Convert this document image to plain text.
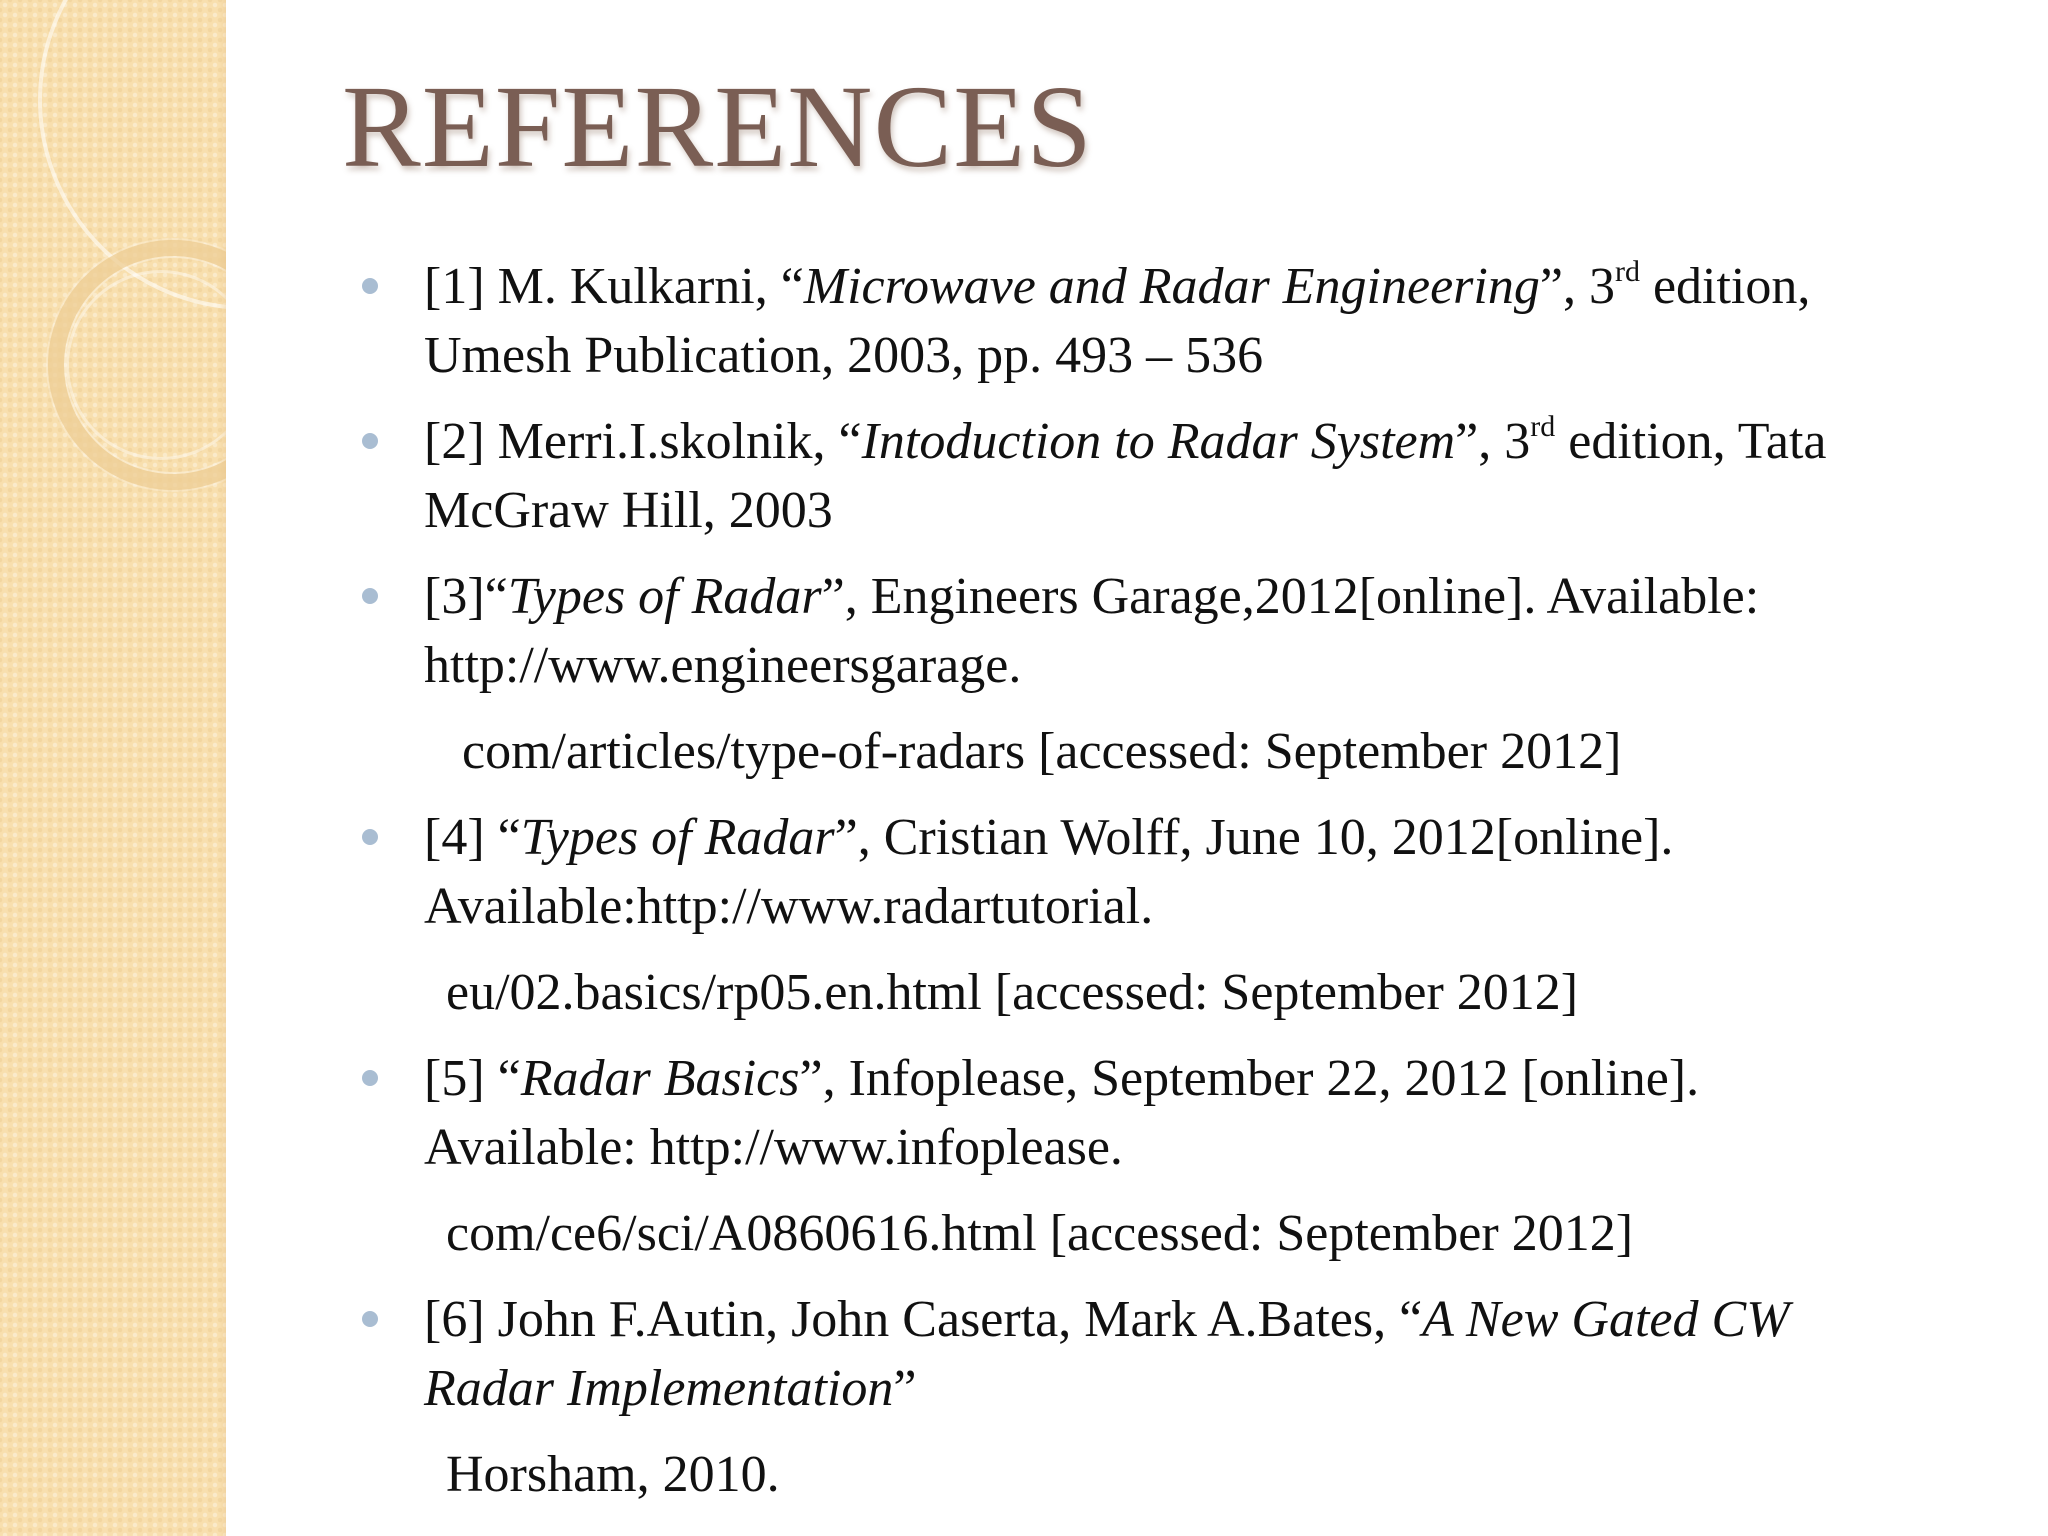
REFERENCES
[1] M. Kulkarni, “Microwave and Radar Engineering”, 3rd edition,
Umesh Publication, 2003, pp. 493 – 536
[2] Merri.I.skolnik, “Intoduction to Radar System”, 3rd edition, Tata
McGraw Hill, 2003
[3]“Types of Radar”, Engineers Garage,2012[online]. Available:
http://www.engineersgarage.
com/articles/type-of-radars [accessed: September 2012]
[4] “Types of Radar”, Cristian Wolff, June 10, 2012[online].
Available:http://www.radartutorial.
eu/02.basics/rp05.en.html [accessed: September 2012]
[5] “Radar Basics”, Infoplease, September 22, 2012 [online].
Available: http://www.infoplease.
com/ce6/sci/A0860616.html [accessed: September 2012]
[6] John F.Autin, John Caserta, Mark A.Bates, “A New Gated CW
Radar Implementation”
Horsham, 2010.
